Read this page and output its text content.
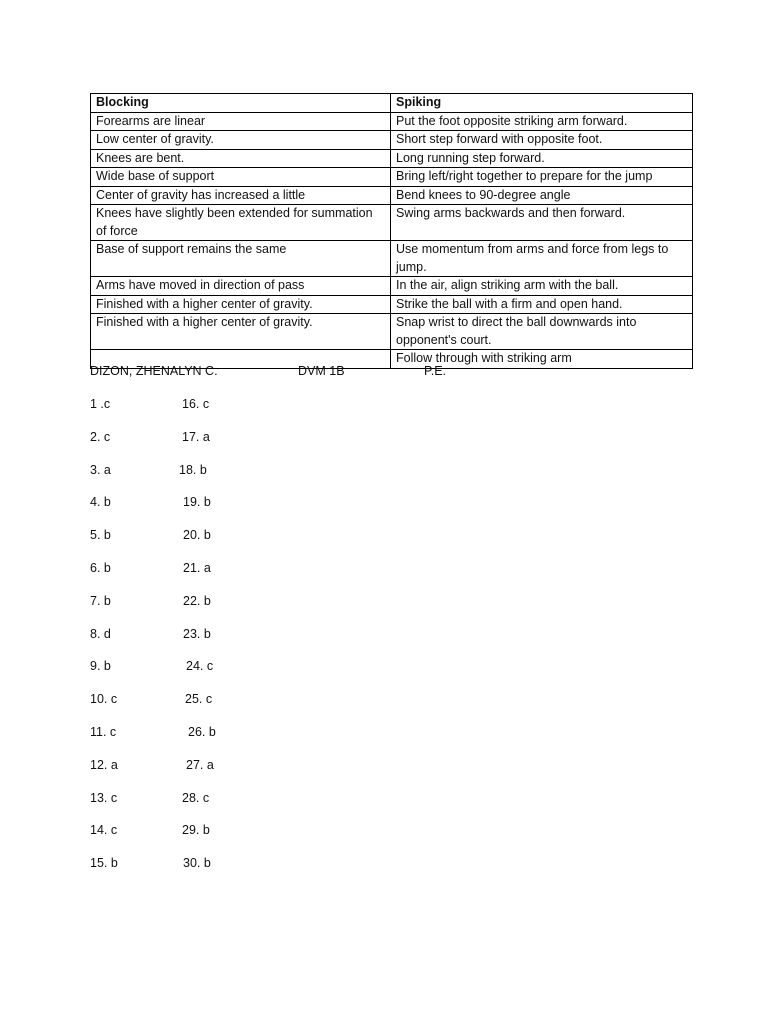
Blocking	Spiking
Forearms are linear	Put the foot opposite striking arm forward.
Low center of gravity.	Short step forward with opposite foot.
Knees are bent.	Long running step forward.
Wide base of support	Bring left/right together to prepare for the jump
Center of gravity has increased a little	Bend knees to 90-degree angle
Knees have slightly been extended for summation of force	Swing arms backwards and then forward.
Base of support remains the same	Use momentum from arms and force from legs to jump.
Arms have moved in direction of pass	In the air, align striking arm with the ball.
Finished with a higher center of gravity.	Strike the ball with a firm and open hand.
Finished with a higher center of gravity.	Snap wrist to direct the ball downwards into opponent's court.
	Follow through with striking arm
DIZON, ZHENALYN C.	DVM 1B	P.E.
1 .c	16. c
2. c	17. a
3. a	18. b
4. b	19. b
5. b	20. b
6. b	21. a
7. b	22. b
8. d	23. b
9. b	24. c
10. c	25. c
11. c	26. b
12. a	27. a
13. c	28. c
14. c	29. b
15. b	30. b
